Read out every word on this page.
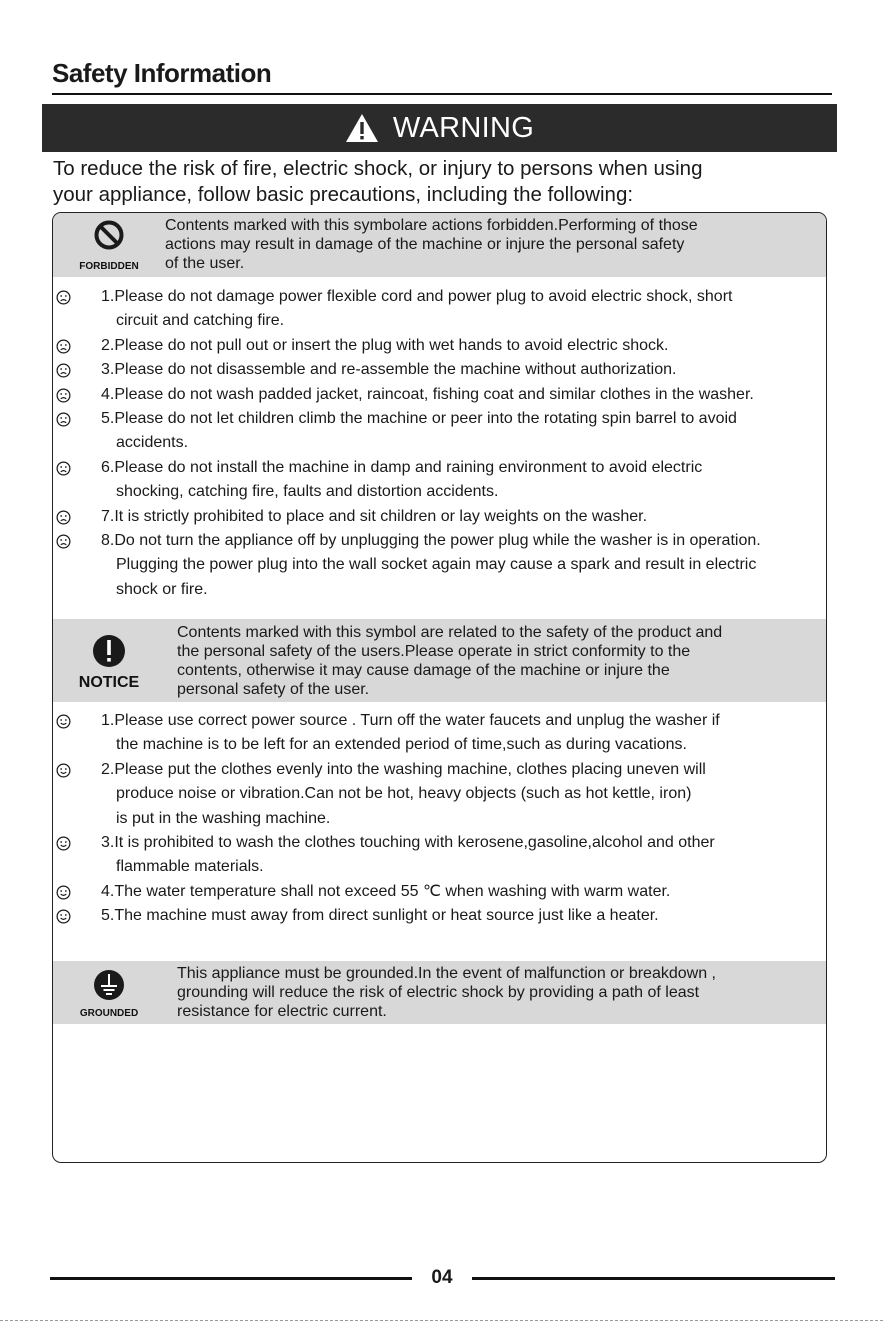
Safety Information
WARNING
To reduce the risk of fire, electric shock, or injury to persons when using
your appliance, follow basic precautions, including the following:
FORBIDDEN
Contents marked with this symbolare actions forbidden.Performing of those
actions may result in damage of the machine or injure the personal safety
of the user.
1.Please do not damage power flexible cord and power plug to avoid electric shock, short
circuit and catching fire.
2.Please do not pull out or insert the plug with wet hands to avoid electric shock.
3.Please do not disassemble and re-assemble the machine without authorization.
4.Please do not wash padded jacket, raincoat, fishing coat and similar clothes in the washer.
5.Please do not let children climb the machine or peer into the rotating spin barrel to avoid
accidents.
6.Please do not install the machine in damp and raining environment to avoid electric
shocking, catching fire, faults and distortion accidents.
7.It is strictly prohibited to place and sit children or lay weights on the washer.
8.Do not turn the appliance off by unplugging the power plug while the washer is in operation.
Plugging the power plug into the wall socket again may cause a spark and result in electric
shock or fire.
NOTICE
Contents marked with this symbol are related to the safety of the product and
the personal safety of the users.Please operate in strict conformity to the
contents, otherwise it may cause damage of the machine or injure the
personal safety of the user.
1.Please use correct power source . Turn off the water faucets and unplug the washer if
the machine is to be left for an extended period of time,such as during vacations.
2.Please put the clothes evenly into the washing machine, clothes placing uneven will
produce noise or vibration.Can not be hot, heavy objects (such as hot kettle, iron)
is put in the washing machine.
3.It is prohibited to wash the clothes touching with kerosene,gasoline,alcohol and other
flammable materials.
4.The water temperature shall not exceed 55 ℃ when washing with warm water.
5.The machine must away from direct sunlight or heat source just like a heater.
GROUNDED
This appliance must be grounded.In the event of malfunction or breakdown ,
grounding will reduce the risk of electric shock by providing a path of least
resistance for electric current.
04
